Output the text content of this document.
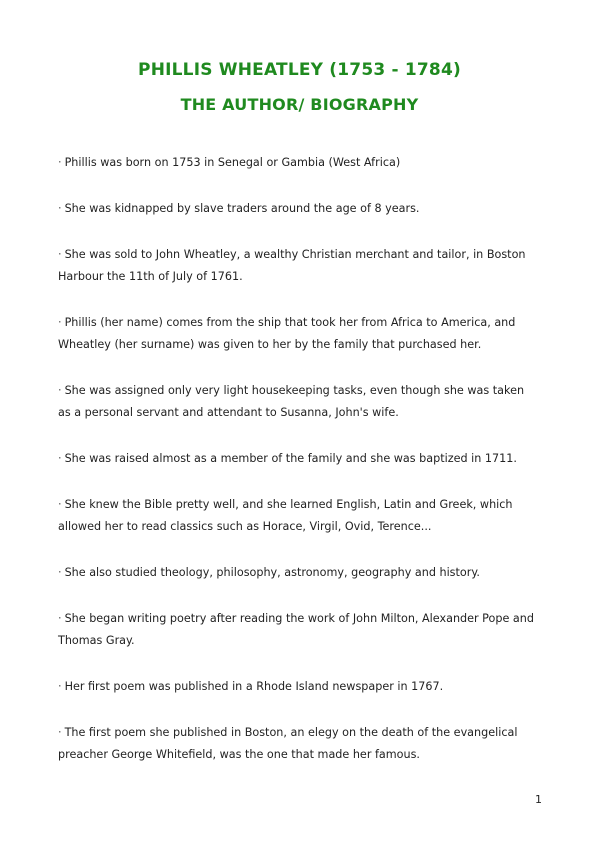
PHILLIS WHEATLEY (1753 - 1784)
THE AUTHOR/ BIOGRAPHY
· Phillis was born on 1753 in Senegal or Gambia (West Africa)
· She was kidnapped by slave traders around the age of 8 years.
· She was sold to John Wheatley, a wealthy Christian merchant and tailor, in Boston Harbour the 11th of July of 1761.
· Phillis (her name) comes from the ship that took her from Africa to America, and Wheatley (her surname) was given to her by the family that purchased her.
· She was assigned only very light housekeeping tasks, even though she was taken as a personal servant and attendant to Susanna, John's wife.
· She was raised almost as a member of the family and she was baptized in 1711.
· She knew the Bible pretty well, and she learned English, Latin and Greek, which allowed her to read classics such as Horace, Virgil, Ovid, Terence...
· She also studied theology, philosophy, astronomy, geography and history.
· She began writing poetry after reading the work of John Milton, Alexander Pope and Thomas Gray.
· Her first poem was published in a Rhode Island newspaper in 1767.
· The first poem she published in Boston, an elegy on the death of the evangelical preacher George Whitefield, was the one that made her famous.
1
